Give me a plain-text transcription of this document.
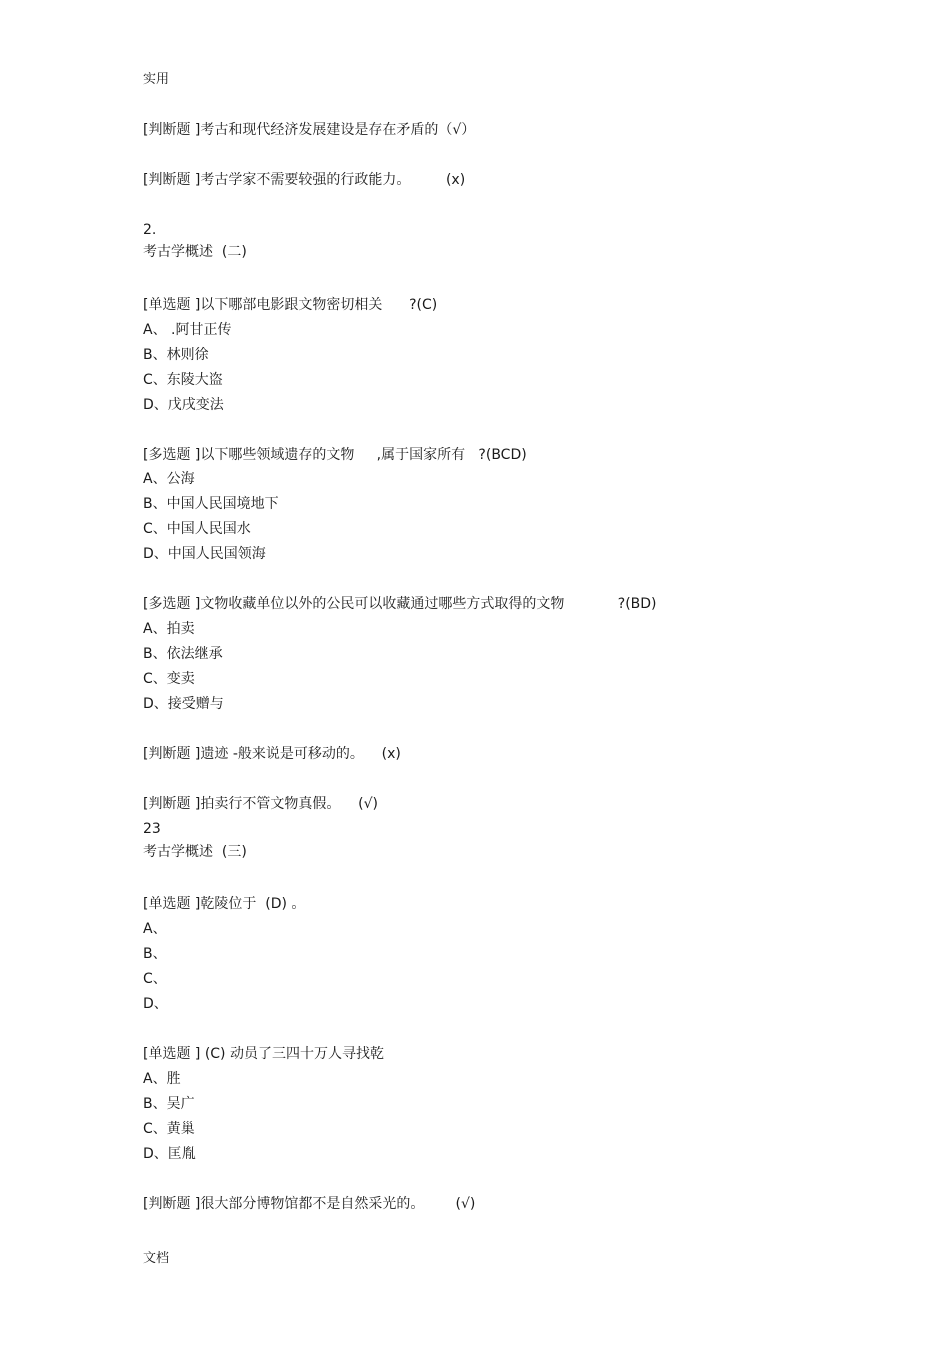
实用
[判断题 ]考古和现代经济发展建设是存在矛盾的（√）
[判断题 ]考古学家不需要较强的行政能力。        (x)
2.
考古学概述  (二)
[单选题 ]以下哪部电影跟文物密切相关      ?(C)
A、 .阿甘正传
B、林则徐
C、东陵大盗
D、戊戌变法
[多选题 ]以下哪些领域遗存的文物     ,属于国家所有   ?(BCD)
A、公海
B、中国人民国境地下
C、中国人民国水
D、中国人民国领海
[多选题 ]文物收藏单位以外的公民可以收藏通过哪些方式取得的文物            ?(BD)
A、拍卖
B、依法继承
C、变卖
D、接受赠与
[判断题 ]遗迹 -般来说是可移动的。    (x)
[判断题 ]拍卖行不管文物真假。    (√)
23
考古学概述  (三)
[单选题 ]乾陵位于  (D) 。
A、
B、
C、
D、
[单选题 ] (C) 动员了三四十万人寻找乾
A、胜
B、吴广
C、黄巢
D、匡胤
[判断题 ]很大部分博物馆都不是自然采光的。       (√)
文档
